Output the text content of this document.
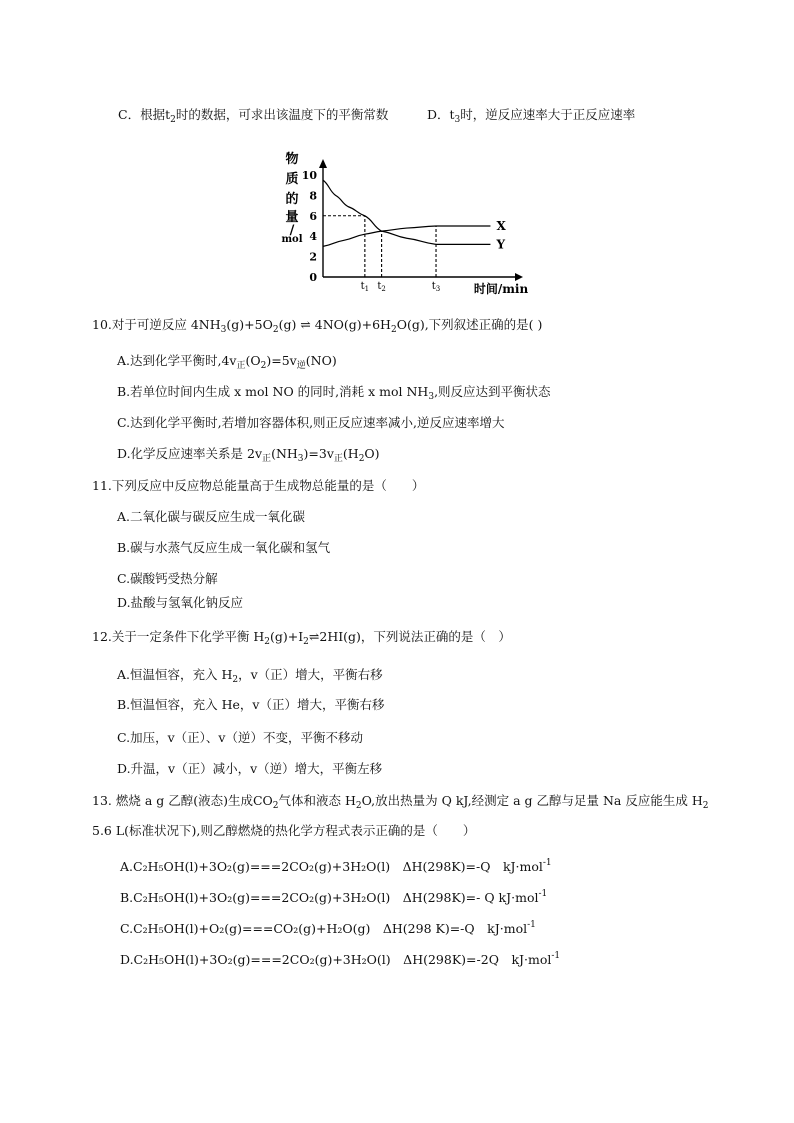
C．根据$t_2$时的数据，可求出该温度下的平衡常数	D．$t_3$时，逆反应速率大于正反应速率
物
质
的
量
/
mol
10
8
6
4
2
0
时间/min
X
Y
$t_1$ $t_2$	$t_3$
10.对于可逆反应 $4NH_3(g)+5O_2(g)$ ⇌ $4NO(g)+6H_2O(g)$,下列叙述正确的是( )
A.达到化学平衡时$,4v_正(O_2)=5v_逆(NO)$
B.若单位时间内生成 x mol NO 的同时,消耗 x mol $NH_3$,则反应达到平衡状态
C.达到化学平衡时,若增加容器体积,则正反应速率减小,逆反应速率增大
D.化学反应速率关系是 $2v_正(NH_3)=3v_正(H_2O)$
11.下列反应中反应物总能量高于生成物总能量的是（　　）
A.二氧化碳与碳反应生成一氧化碳
B.碳与水蒸气反应生成一氧化碳和氢气
C.碳酸钙受热分解
D.盐酸与氢氧化钠反应
12.关于一定条件下化学平衡 $H_2(g)+I_2\rightleftharpoons 2HI(g)$，下列说法正确的是（　）
A.恒温恒容，充入 $H_2$，v（正）增大，平衡右移
B.恒温恒容，充入 He，v（正）增大，平衡右移
C.加压，v（正）、v（逆）不变，平衡不移动
D.升温，v（正）减小，v（逆）增大，平衡左移
13. 燃烧 a g 乙醇(液态)生成$CO_2$气体和液态 $H_2O$,放出热量为 Q kJ,经测定 a g 乙醇与足量 Na 反应能生成 $H_2$
5.6 L(标准状况下),则乙醇燃烧的热化学方程式表示正确的是（　　）
A.C₂H₅OH(l)+3O₂(g)===2CO₂(g)+3H₂O(l)　ΔH(298K)=-Q　kJ·mol$^{-1}$
B.C₂H₅OH(l)+3O₂(g)===2CO₂(g)+3H₂O(l)　ΔH(298K)=- Q kJ·mol$^{-1}$
C.C₂H₅OH(l)+O₂(g)===CO₂(g)+H₂O(g)　ΔH(298 K)=-Q　kJ·mol$^{-1}$
D.C₂H₅OH(l)+3O₂(g)===2CO₂(g)+3H₂O(l)　ΔH(298K)=-2Q　kJ·mol$^{-1}$
